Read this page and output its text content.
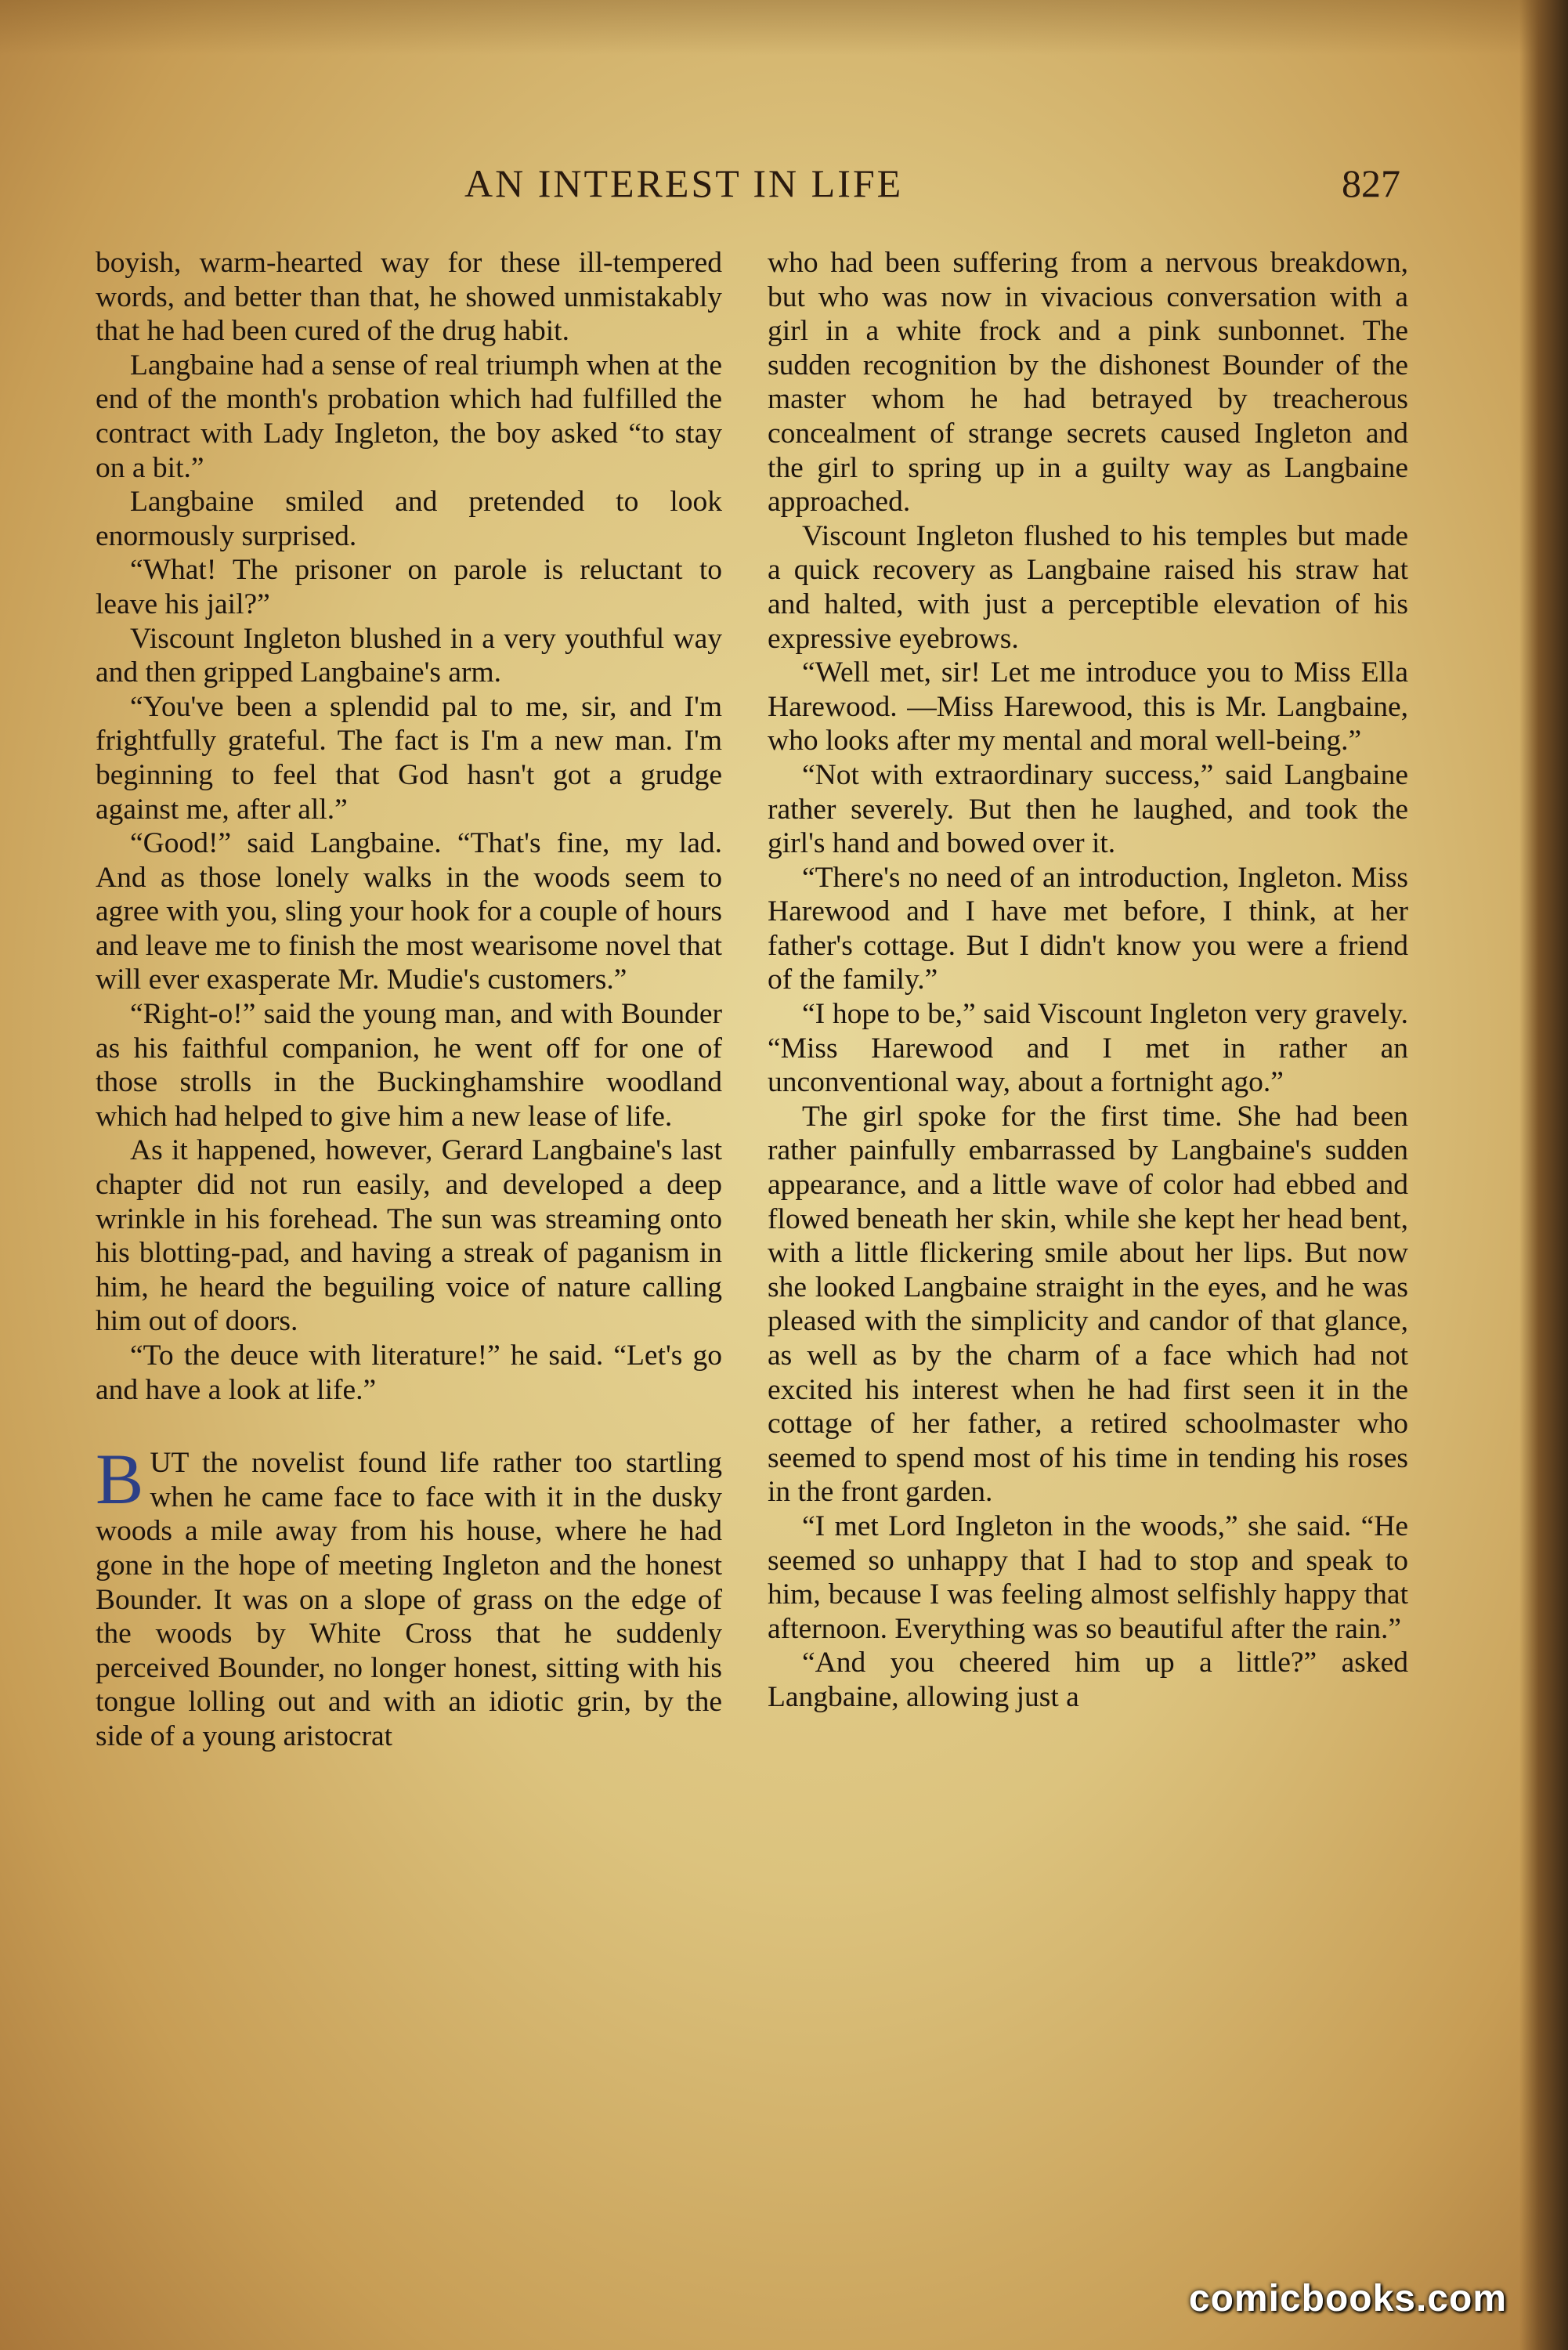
AN INTEREST IN LIFE	827

boyish, warm-hearted way for these ill-tempered words, and better than that, he showed unmistakably that he had been cured of the drug habit.

Langbaine had a sense of real triumph when at the end of the month's probation which had fulfilled the contract with Lady Ingleton, the boy asked “to stay on a bit.”

Langbaine smiled and pretended to look enormously surprised.

“What! The prisoner on parole is reluctant to leave his jail?”

Viscount Ingleton blushed in a very youthful way and then gripped Langbaine's arm.

“You've been a splendid pal to me, sir, and I'm frightfully grateful. The fact is I'm a new man. I'm beginning to feel that God hasn't got a grudge against me, after all.”

“Good!” said Langbaine. “That's fine, my lad. And as those lonely walks in the woods seem to agree with you, sling your hook for a couple of hours and leave me to finish the most wearisome novel that will ever exasperate Mr. Mudie's customers.”

“Right-o!” said the young man, and with Bounder as his faithful companion, he went off for one of those strolls in the Buckinghamshire woodland which had helped to give him a new lease of life.

As it happened, however, Gerard Langbaine's last chapter did not run easily, and developed a deep wrinkle in his forehead. The sun was streaming onto his blotting-pad, and having a streak of paganism in him, he heard the beguiling voice of nature calling him out of doors.

“To the deuce with literature!” he said. “Let's go and have a look at life.”

BUT the novelist found life rather too startling when he came face to face with it in the dusky woods a mile away from his house, where he had gone in the hope of meeting Ingleton and the honest Bounder. It was on a slope of grass on the edge of the woods by White Cross that he suddenly perceived Bounder, no longer honest, sitting with his tongue lolling out and with an idiotic grin, by the side of a young aristocrat

who had been suffering from a nervous breakdown, but who was now in vivacious conversation with a girl in a white frock and a pink sunbonnet. The sudden recognition by the dishonest Bounder of the master whom he had betrayed by treacherous concealment of strange secrets caused Ingleton and the girl to spring up in a guilty way as Langbaine approached.

Viscount Ingleton flushed to his temples but made a quick recovery as Langbaine raised his straw hat and halted, with just a perceptible elevation of his expressive eyebrows.

“Well met, sir! Let me introduce you to Miss Ella Harewood. —Miss Harewood, this is Mr. Langbaine, who looks after my mental and moral well-being.”

“Not with extraordinary success,” said Langbaine rather severely. But then he laughed, and took the girl's hand and bowed over it.

“There's no need of an introduction, Ingleton. Miss Harewood and I have met before, I think, at her father's cottage. But I didn't know you were a friend of the family.”

“I hope to be,” said Viscount Ingleton very gravely. “Miss Harewood and I met in rather an unconventional way, about a fortnight ago.”

The girl spoke for the first time. She had been rather painfully embarrassed by Langbaine's sudden appearance, and a little wave of color had ebbed and flowed beneath her skin, while she kept her head bent, with a little flickering smile about her lips. But now she looked Langbaine straight in the eyes, and he was pleased with the simplicity and candor of that glance, as well as by the charm of a face which had not excited his interest when he had first seen it in the cottage of her father, a retired schoolmaster who seemed to spend most of his time in tending his roses in the front garden.

“I met Lord Ingleton in the woods,” she said. “He seemed so unhappy that I had to stop and speak to him, because I was feeling almost selfishly happy that afternoon. Everything was so beautiful after the rain.”

“And you cheered him up a little?” asked Langbaine, allowing just a

comicbooks.com
